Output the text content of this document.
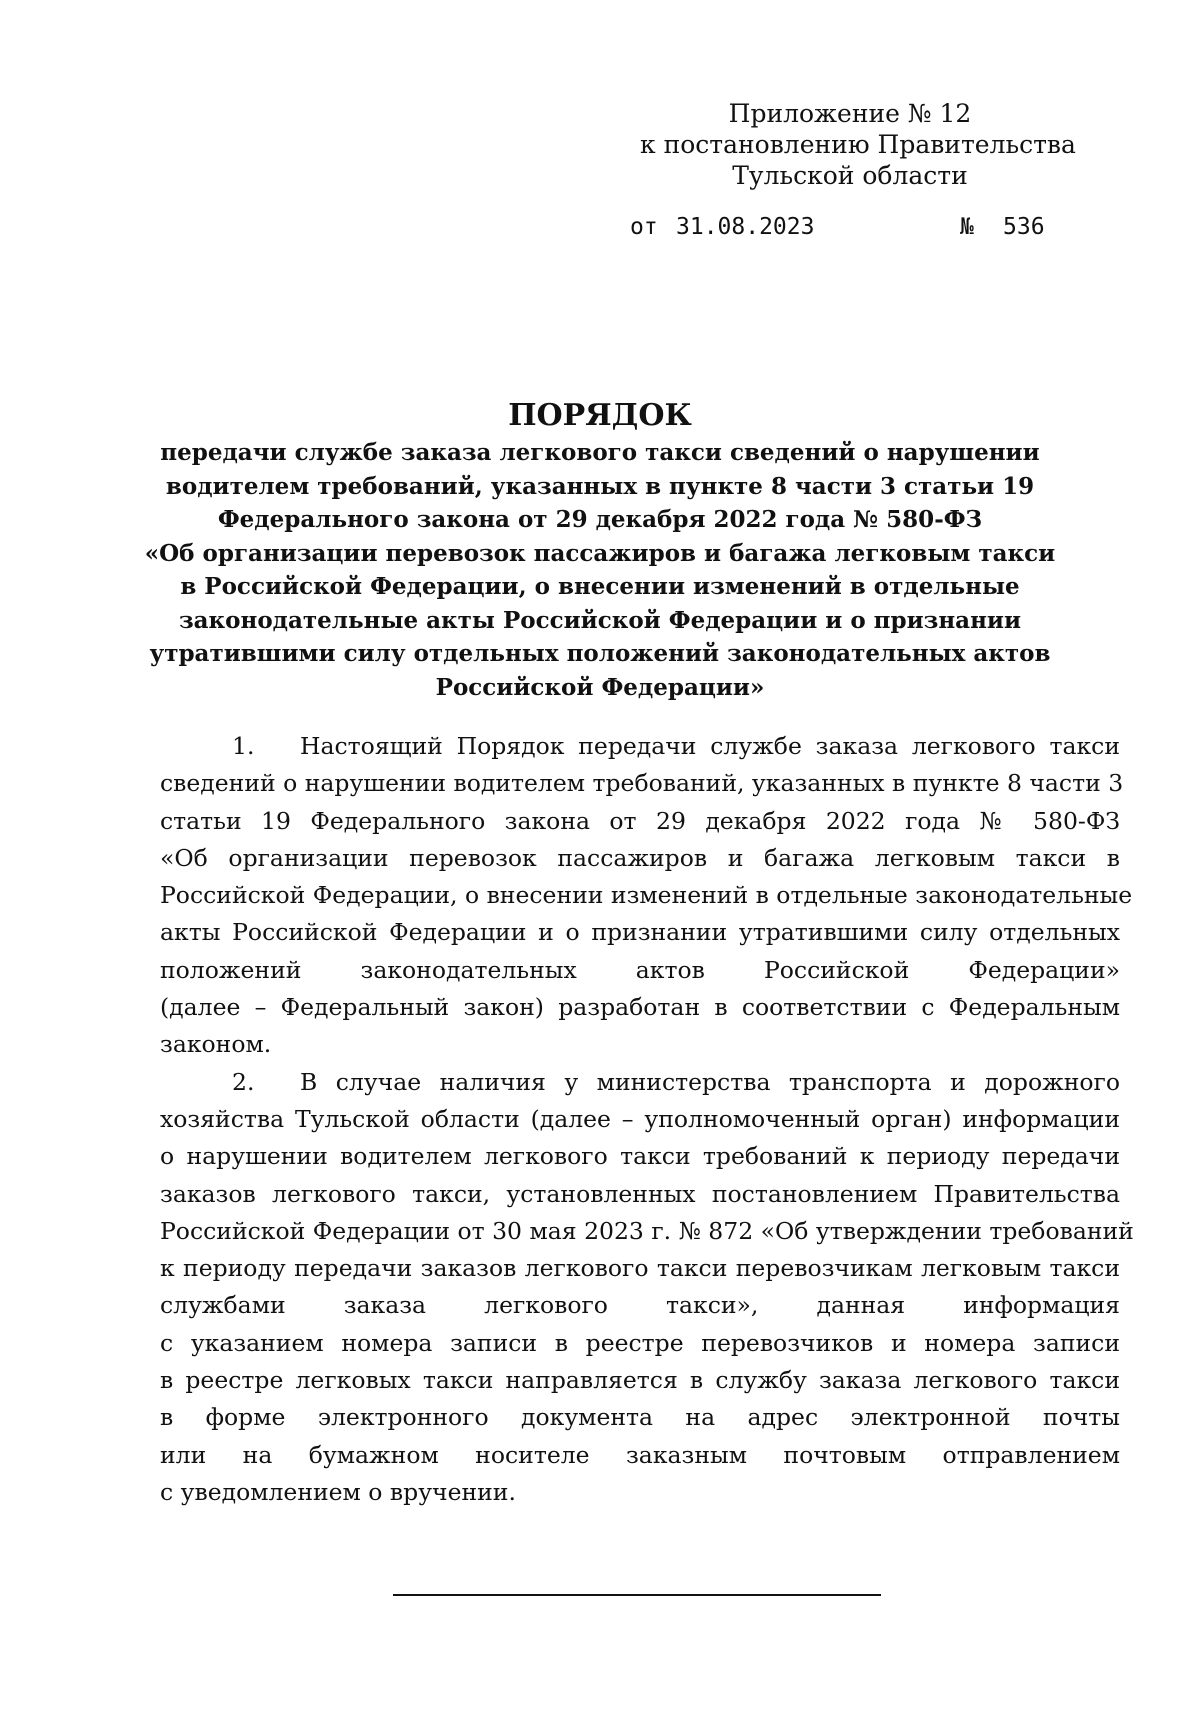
Приложение № 12
к постановлению Правительства
Тульской области
от 31.08.2023	№ 536
ПОРЯДОК
передачи службе заказа легкового такси сведений о нарушении
водителем требований, указанных в пункте 8 части 3 статьи 19
Федерального закона от 29 декабря 2022 года № 580-ФЗ
«Об организации перевозок пассажиров и багажа легковым такси
в Российской Федерации, о внесении изменений в отдельные
законодательные акты Российской Федерации и о признании
утратившими силу отдельных положений законодательных актов
Российской Федерации»
1. Настоящий Порядок передачи службе заказа легкового такси
сведений о нарушении водителем требований, указанных в пункте 8 части 3
статьи 19 Федерального закона от 29 декабря 2022 года № 580-ФЗ
«Об организации перевозок пассажиров и багажа легковым такси в
Российской Федерации, о внесении изменений в отдельные законодательные
акты Российской Федерации и о признании утратившими силу отдельных
положений законодательных актов Российской Федерации»
(далее – Федеральный закон) разработан в соответствии с Федеральным
законом.
2. В случае наличия у министерства транспорта и дорожного
хозяйства Тульской области (далее – уполномоченный орган) информации
о нарушении водителем легкового такси требований к периоду передачи
заказов легкового такси, установленных постановлением Правительства
Российской Федерации от 30 мая 2023 г. № 872 «Об утверждении требований
к периоду передачи заказов легкового такси перевозчикам легковым такси
службами заказа легкового такси», данная информация
с указанием номера записи в реестре перевозчиков и номера записи
в реестре легковых такси направляется в службу заказа легкового такси
в форме электронного документа на адрес электронной почты
или на бумажном носителе заказным почтовым отправлением
с уведомлением о вручении.
